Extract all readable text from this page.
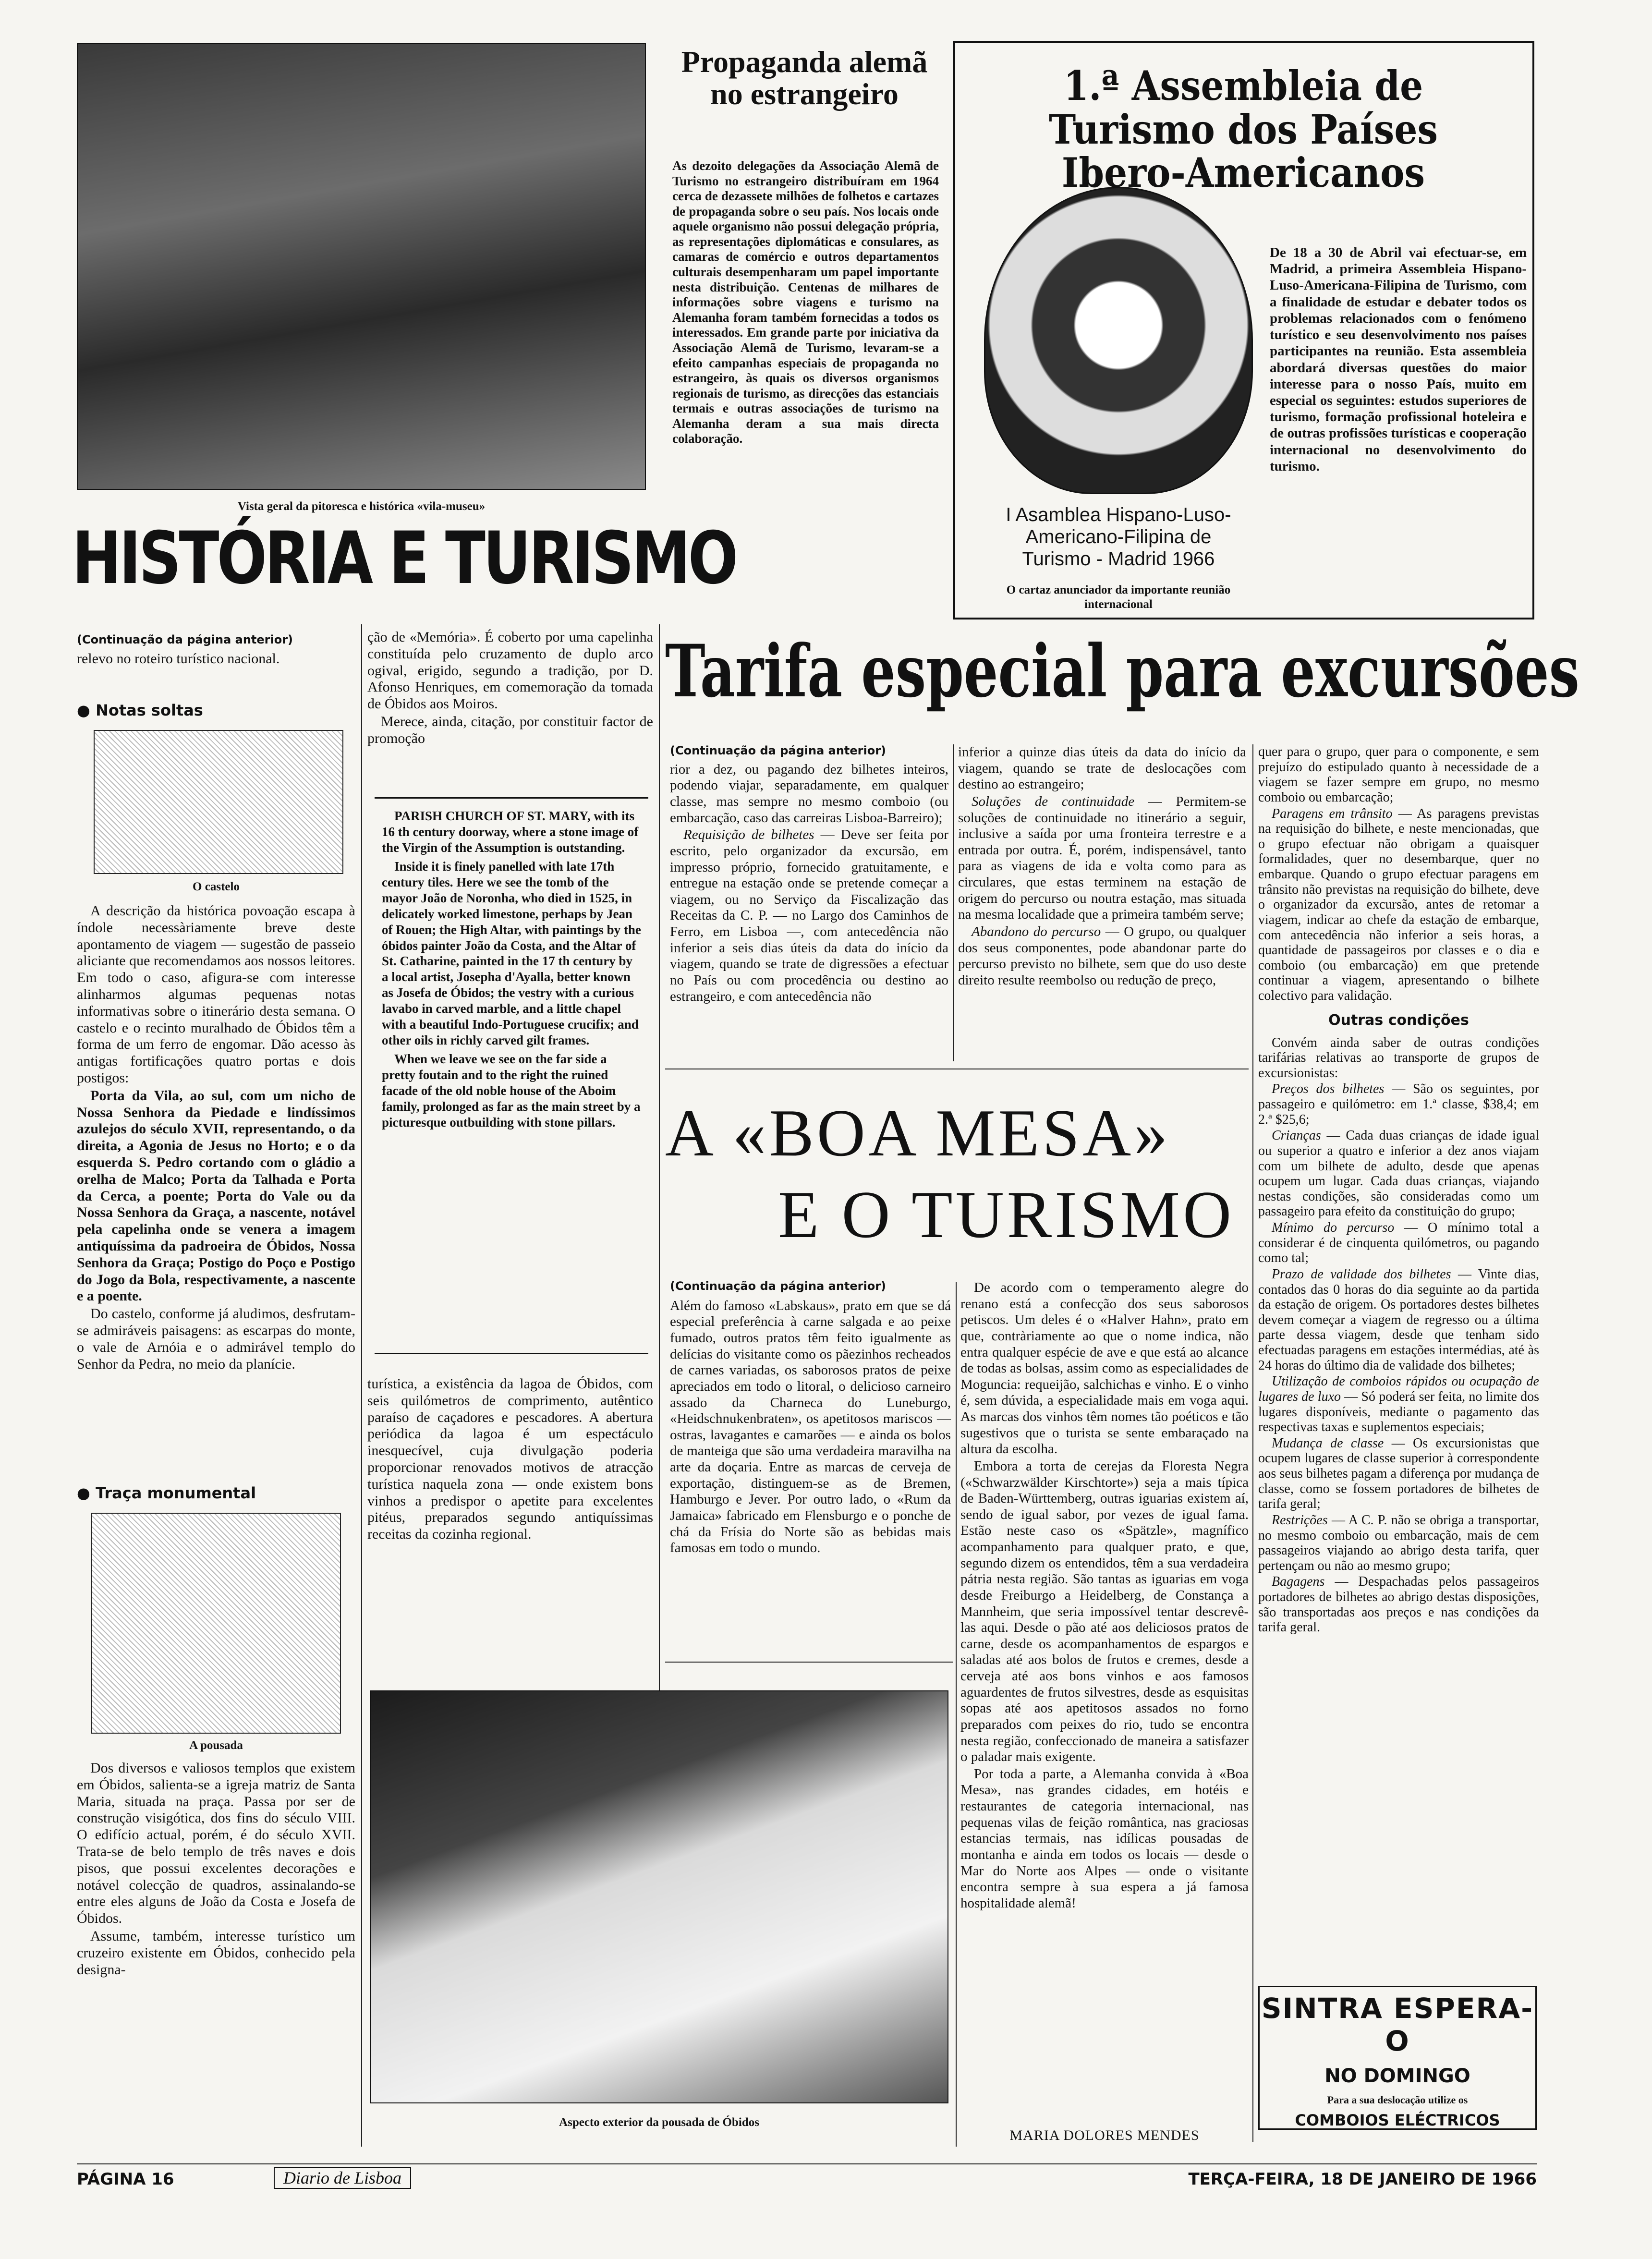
Vista geral da pitoresca e histórica «vila-museu»
HISTÓRIA E TURISMO
Propaganda alemã no estrangeiro
As dezoito delegações da Associação Alemã de Turismo no estrangeiro distribuíram em 1964 cerca de dezassete milhões de folhetos e cartazes de propaganda sobre o seu país. Nos locais onde aquele organismo não possui delegação própria, as representações diplomáticas e consulares, as camaras de comércio e outros departamentos culturais desempenharam um papel importante nesta distribuição. Centenas de milhares de informações sobre viagens e turismo na Alemanha foram também fornecidas a todos os interessados. Em grande parte por iniciativa da Associação Alemã de Turismo, levaram-se a efeito campanhas especiais de propaganda no estrangeiro, às quais os diversos organismos regionais de turismo, as direcções das estanciais termais e outras associações de turismo na Alemanha deram a sua mais directa colaboração.
1.ª Assembleia de Turismo dos Países Ibero-Americanos
I Asamblea Hispano-Luso-
Americano-Filipina de
Turismo - Madrid 1966
O cartaz anunciador da importante reunião internacional
De 18 a 30 de Abril vai efectuar-se, em Madrid, a primeira Assembleia Hispano-Luso-Americana-Filipina de Turismo, com a finalidade de estudar e debater todos os problemas relacionados com o fenómeno turístico e seu desenvolvimento nos países participantes na reunião. Esta assembleia abordará diversas questões do maior interesse para o nosso País, muito em especial os seguintes: estudos superiores de turismo, formação profissional hoteleira e de outras profissões turísticas e cooperação internacional no desenvolvimento do turismo.
(Continuação da página anterior)
relevo no roteiro turístico nacional.
● Notas soltas
O castelo

A descrição da histórica povoação escapa à índole necessàriamente breve deste apontamento de viagem — sugestão de passeio aliciante que recomendamos aos nossos leitores. Em todo o caso, afigura-se com interesse alinharmos algumas pequenas notas informativas sobre o itinerário desta semana. O castelo e o recinto muralhado de Óbidos têm a forma de um ferro de engomar. Dão acesso às antigas fortificações quatro portas e dois postigos:

Porta da Vila, ao sul, com um nicho de Nossa Senhora da Piedade e lindíssimos azulejos do século XVII, representando, o da direita, a Agonia de Jesus no Horto; e o da esquerda S. Pedro cortando com o gládio a orelha de Malco; Porta da Talhada e Porta da Cerca, a poente; Porta do Vale ou da Nossa Senhora da Graça, a nascente, notável pela capelinha onde se venera a imagem antiquíssima da padroeira de Óbidos, Nossa Senhora da Graça; Postigo do Poço e Postigo do Jogo da Bola, respectivamente, a nascente e a poente.

Do castelo, conforme já aludimos, desfrutam-se admiráveis paisagens: as escarpas do monte, o vale de Arnóia e o admirável templo do Senhor da Pedra, no meio da planície.

● Traça monumental
A pousada

Dos diversos e valiosos templos que existem em Óbidos, salienta-se a igreja matriz de Santa Maria, situada na praça. Passa por ser de construção visigótica, dos fins do século VIII. O edifício actual, porém, é do século XVII. Trata-se de belo templo de três naves e dois pisos, que possui excelentes decorações e notável colecção de quadros, assinalando-se entre eles alguns de João da Costa e Josefa de Óbidos.

Assume, também, interesse turístico um cruzeiro existente em Óbidos, conhecido pela designa-

ção de «Memória». É coberto por uma capelinha constituída pelo cruzamento de duplo arco ogival, erigido, segundo a tradição, por D. Afonso Henriques, em comemoração da tomada de Óbidos aos Moiros.

Merece, ainda, citação, por constituir factor de promoção

PARISH CHURCH OF ST. MARY, with its 16 th century doorway, where a stone image of the Virgin of the Assumption is outstanding.

Inside it is finely panelled with late 17th century tiles. Here we see the tomb of the mayor João de Noronha, who died in 1525, in delicately worked limestone, perhaps by Jean of Rouen; the High Altar, with paintings by the óbidos painter João da Costa, and the Altar of St. Catharine, painted in the 17 th century by a local artist, Josepha d'Ayalla, better known as Josefa de Óbidos; the vestry with a curious lavabo in carved marble, and a little chapel with a beautiful Indo-Portuguese crucifix; and other oils in richly carved gilt frames.

When we leave we see on the far side a pretty foutain and to the right the ruined facade of the old noble house of the Aboim family, prolonged as far as the main street by a picturesque outbuilding with stone pillars.

turística, a existência da lagoa de Óbidos, com seis quilómetros de comprimento, autêntico paraíso de caçadores e pescadores. A abertura periódica da lagoa é um espectáculo inesquecível, cuja divulgação poderia proporcionar renovados motivos de atracção turística naquela zona — onde existem bons vinhos a predispor o apetite para excelentes pitéus, preparados segundo antiquíssimas receitas da cozinha regional.
Tarifa especial para excursões
(Continuação da página anterior)

rior a dez, ou pagando dez bilhetes inteiros, podendo viajar, separadamente, em qualquer classe, mas sempre no mesmo comboio (ou embarcação, caso das carreiras Lisboa-Barreiro);

Requisição de bilhetes — Deve ser feita por escrito, pelo organizador da excursão, em impresso próprio, fornecido gratuitamente, e entregue na estação onde se pretende começar a viagem, ou no Serviço da Fiscalização das Receitas da C. P. — no Largo dos Caminhos de Ferro, em Lisboa —, com antecedência não inferior a seis dias úteis da data do início da viagem, quando se trate de digressões a efectuar no País ou com procedência ou destino ao estrangeiro, e com antecedência não

inferior a quinze dias úteis da data do início da viagem, quando se trate de deslocações com destino ao estrangeiro;

Soluções de continuidade — Permitem-se soluções de continuidade no itinerário a seguir, inclusive a saída por uma fronteira terrestre e a entrada por outra. É, porém, indispensável, tanto para as viagens de ida e volta como para as circulares, que estas terminem na estação de origem do percurso ou noutra estação, mas situada na mesma localidade que a primeira também serve;

Abandono do percurso — O grupo, ou qualquer dos seus componentes, pode abandonar parte do percurso previsto no bilhete, sem que do uso deste direito resulte reembolso ou redução de preço,

quer para o grupo, quer para o componente, e sem prejuízo do estipulado quanto à necessidade de a viagem se fazer sempre em grupo, no mesmo comboio ou embarcação;

Paragens em trânsito — As paragens previstas na requisição do bilhete, e neste mencionadas, que o grupo efectuar não obrigam a quaisquer formalidades, quer no desembarque, quer no embarque. Quando o grupo efectuar paragens em trânsito não previstas na requisição do bilhete, deve o organizador da excursão, antes de retomar a viagem, indicar ao chefe da estação de embarque, com antecedência não inferior a seis horas, a quantidade de passageiros por classes e o dia e comboio (ou embarcação) em que pretende continuar a viagem, apresentando o bilhete colectivo para validação.

Outras condições

Convém ainda saber de outras condições tarifárias relativas ao transporte de grupos de excursionistas:

Preços dos bilhetes — São os seguintes, por passageiro e quilómetro: em 1.ª classe, $38,4; em 2.ª $25,6;

Crianças — Cada duas crianças de idade igual ou superior a quatro e inferior a dez anos viajam com um bilhete de adulto, desde que apenas ocupem um lugar. Cada duas crianças, viajando nestas condições, são consideradas como um passageiro para efeito da constituição do grupo;

Mínimo do percurso — O mínimo total a considerar é de cinquenta quilómetros, ou pagando como tal;

Prazo de validade dos bilhetes — Vinte dias, contados das 0 horas do dia seguinte ao da partida da estação de origem. Os portadores destes bilhetes devem começar a viagem de regresso ou a última parte dessa viagem, desde que tenham sido efectuadas paragens em estações intermédias, até às 24 horas do último dia de validade dos bilhetes;

Utilização de comboios rápidos ou ocupação de lugares de luxo — Só poderá ser feita, no limite dos lugares disponíveis, mediante o pagamento das respectivas taxas e suplementos especiais;

Mudança de classe — Os excursionistas que ocupem lugares de classe superior à correspondente aos seus bilhetes pagam a diferença por mudança de classe, como se fossem portadores de bilhetes de tarifa geral;

Restrições — A C. P. não se obriga a transportar, no mesmo comboio ou embarcação, mais de cem passageiros viajando ao abrigo desta tarifa, quer pertençam ou não ao mesmo grupo;

Bagagens — Despachadas pelos passageiros portadores de bilhetes ao abrigo destas disposições, são transportadas aos preços e nas condições da tarifa geral.

SINTRA ESPERA-O
NO DOMINGO
Para a sua deslocação utilize os
COMBOIOS ELÉCTRICOS
A «BOA MESA»
E O TURISMO
(Continuação da página anterior)

Além do famoso «Labskaus», prato em que se dá especial preferência à carne salgada e ao peixe fumado, outros pratos têm feito igualmente as delícias do visitante como os pãezinhos recheados de carnes variadas, os saborosos pratos de peixe apreciados em todo o litoral, o delicioso carneiro assado da Charneca do Luneburgo, «Heidschnukenbraten», os apetitosos mariscos — ostras, lavagantes e camarões — e ainda os bolos de manteiga que são uma verdadeira maravilha na arte da doçaria. Entre as marcas de cerveja de exportação, distinguem-se as de Bremen, Hamburgo e Jever. Por outro lado, o «Rum da Jamaica» fabricado em Flensburgo e o ponche de chá da Frísia do Norte são as bebidas mais famosas em todo o mundo.

De acordo com o temperamento alegre do renano está a confecção dos seus saborosos petiscos. Um deles é o «Halver Hahn», prato em que, contràriamente ao que o nome indica, não entra qualquer espécie de ave e que está ao alcance de todas as bolsas, assim como as especialidades de Moguncia: requeijão, salchichas e vinho. E o vinho é, sem dúvida, a especialidade mais em voga aqui. As marcas dos vinhos têm nomes tão poéticos e tão sugestivos que o turista se sente embaraçado na altura da escolha.

Embora a torta de cerejas da Floresta Negra («Schwarzwälder Kirschtorte») seja a mais típica de Baden-Württemberg, outras iguarias existem aí, sendo de igual sabor, por vezes de igual fama. Estão neste caso os «Spätzle», magnífico acompanhamento para qualquer prato, e que, segundo dizem os entendidos, têm a sua verdadeira pátria nesta região. São tantas as iguarias em voga desde Freiburgo a Heidelberg, de Constança a Mannheim, que seria impossível tentar descrevê-las aqui. Desde o pão até aos deliciosos pratos de carne, desde os acompanhamentos de espargos e saladas até aos bolos de frutos e cremes, desde a cerveja até aos bons vinhos e aos famosos aguardentes de frutos silvestres, desde as esquisitas sopas até aos apetitosos assados no forno preparados com peixes do rio, tudo se encontra nesta região, confeccionado de maneira a satisfazer o paladar mais exigente.

Por toda a parte, a Alemanha convida à «Boa Mesa», nas grandes cidades, em hotéis e restaurantes de categoria internacional, nas pequenas vilas de feição romântica, nas graciosas estancias termais, nas idílicas pousadas de montanha e ainda em todos os locais — desde o Mar do Norte aos Alpes — onde o visitante encontra sempre à sua espera a já famosa hospitalidade alemã!

MARIA DOLORES MENDES
Aspecto exterior da pousada de Óbidos
PÁGINA 16	Diario de Lisboa	TERÇA-FEIRA, 18 DE JANEIRO DE 1966
